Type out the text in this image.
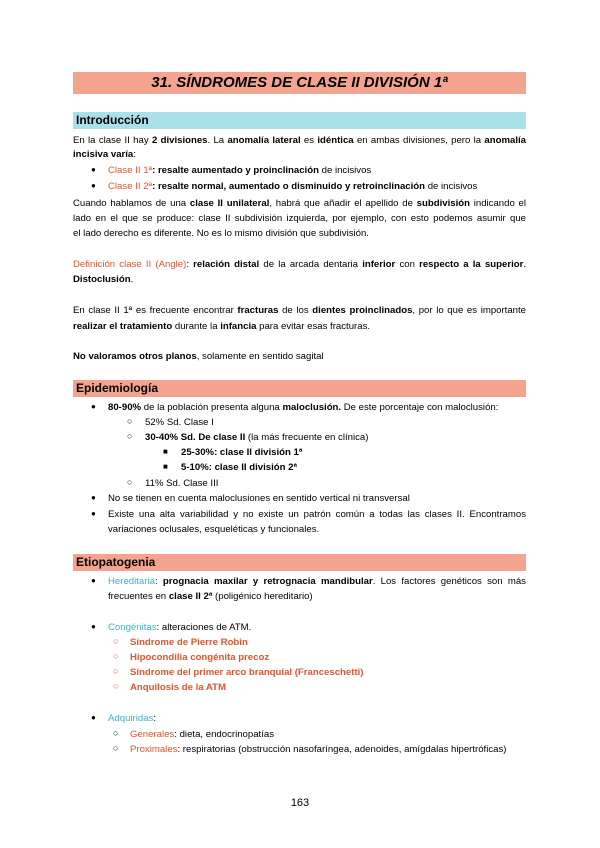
31. SÍNDROMES DE CLASE II DIVISIÓN 1ª
Introducción
En la clase II hay 2 divisiones. La anomalía lateral es idéntica en ambas divisiones, pero la anomalía
incisiva varía:
● Clase II 1ª: resalte aumentado y proinclinación de incisivos
● Clase II 2ª: resalte normal, aumentado o disminuido y retroinclinación de incisivos
Cuando hablamos de una clase II unilateral, habrá que añadir el apellido de subdivisión indicando el
lado en el que se produce: clase II subdivisión izquierda, por ejemplo, con esto podemos asumir que
el lado derecho es diferente. No es lo mismo división que subdivisión.
Definición clase II (Angle): relación distal de la arcada dentaria inferior con respecto a la superior.
Distoclusión.
En clase II 1ª es frecuente encontrar fracturas de los dientes proinclinados, por lo que es importante
realizar el tratamiento durante la infancia para evitar esas fracturas.
No valoramos otros planos, solamente en sentido sagital
Epidemiología
● 80-90% de la población presenta alguna maloclusión. De este porcentaje con maloclusión:
○ 52% Sd. Clase I
○ 30-40% Sd. De clase II (la más frecuente en clínica)
■ 25-30%: clase II división 1ª
■ 5-10%: clase II división 2ª
○ 11% Sd. Clase III
● No se tienen en cuenta maloclusiones en sentido vertical ni transversal
● Existe una alta variabilidad y no existe un patrón común a todas las clases II. Encontramos
variaciones oclusales, esqueléticas y funcionales.
Etiopatogenia
● Hereditaria: prognacia maxilar y retrognacia mandibular. Los factores genéticos son más
frecuentes en clase II 2ª (poligénico hereditario)
● Congénitas: alteraciones de ATM.
○ Síndrome de Pierre Robin
○ Hipocondilia congénita precoz
○ Síndrome del primer arco branquial (Franceschetti)
○ Anquilosis de la ATM
● Adquiridas:
○ Generales: dieta, endocrinopatías
○ Proximales: respiratorias (obstrucción nasofaríngea, adenoides, amígdalas hipertróficas)
163
